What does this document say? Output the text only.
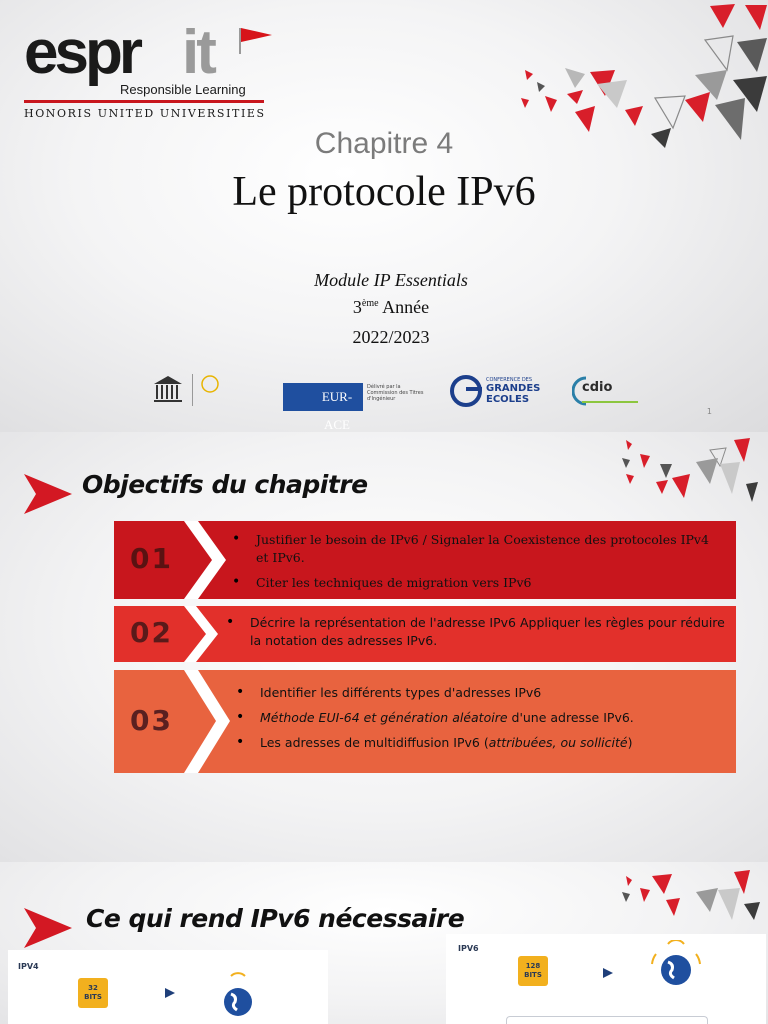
espr it
Responsible Learning
HONORIS UNITED UNIVERSITIES
Chapitre 4
Le protocole IPv6
Module IP Essentials
3ème Année
2022/2023
EUR-ACE
Délivré par la Commission des Titres d'Ingénieur
CONFERENCE DES
GRANDES
ECOLES
cdio
1
Objectifs du chapitre
01
• Justifier le besoin de IPv6 / Signaler la Coexistence des protocoles IPv4 et IPv6.
• Citer les techniques de migration vers IPv6
02
•	Décrire la représentation de l'adresse IPv6 Appliquer les règles pour réduire la notation des adresses IPv6.
03
• Identifier les différents types d'adresses IPv6
• Méthode EUI-64 et génération aléatoire d'une adresse IPv6.
• Les adresses de multidiffusion IPv6 (attribuées, ou sollicité)
Ce qui rend IPv6 nécessaire
IPV4
32
BITS
IPV6
128
BITS
